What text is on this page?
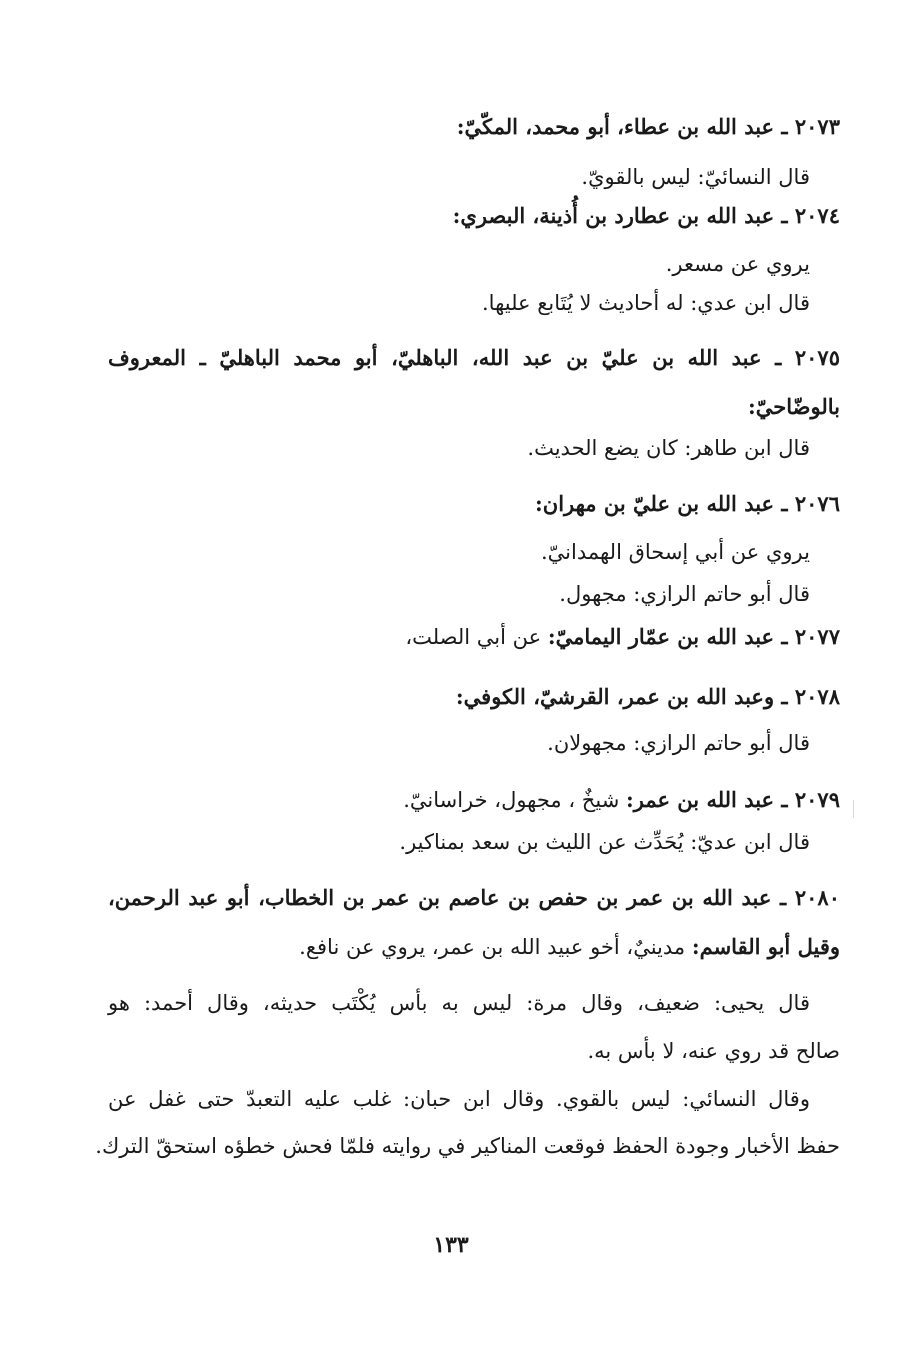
٢٠٧٣ ـ عبد الله بن عطاء، أبو محمد، المكّيّ:
قال النسائيّ: ليس بالقويّ.
٢٠٧٤ ـ عبد الله بن عطارد بن أُذينة، البصري:
يروي عن مسعر.
قال ابن عدي: له أحاديث لا يُتَابع عليها.
٢٠٧٥ ـ عبد الله بن عليّ بن عبد الله، الباهليّ، أبو محمد الباهليّ ـ المعروف
بالوضّاحيّ:
قال ابن طاهر: كان يضع الحديث.
٢٠٧٦ ـ عبد الله بن عليّ بن مهران:
يروي عن أبي إسحاق الهمدانيّ.
قال أبو حاتم الرازي: مجهول.
٢٠٧٧ ـ عبد الله بن عمّار اليماميّ: عن أبي الصلت،
٢٠٧٨ ـ وعبد الله بن عمر، القرشيّ، الكوفي:
قال أبو حاتم الرازي: مجهولان.
٢٠٧٩ ـ عبد الله بن عمر: شيخٌ ، مجهول، خراسانيّ.
قال ابن عديّ: يُحَدِّث عن الليث بن سعد بمناكير.
٢٠٨٠ ـ عبد الله بن عمر بن حفص بن عاصم بن عمر بن الخطاب، أبو عبد الرحمن،
وقيل أبو القاسم: مدينيٌ، أخو عبيد الله بن عمر، يروي عن نافع.
قال يحيى: ضعيف، وقال مرة: ليس به بأس يُكْتَب حديثه، وقال أحمد: هو
صالح قد روي عنه، لا بأس به.
وقال النسائي: ليس بالقوي. وقال ابن حبان: غلب عليه التعبدّ حتى غفل عن
حفظ الأخبار وجودة الحفظ فوقعت المناكير في روايته فلمّا فحش خطؤه استحقّ الترك.
١٣٣
